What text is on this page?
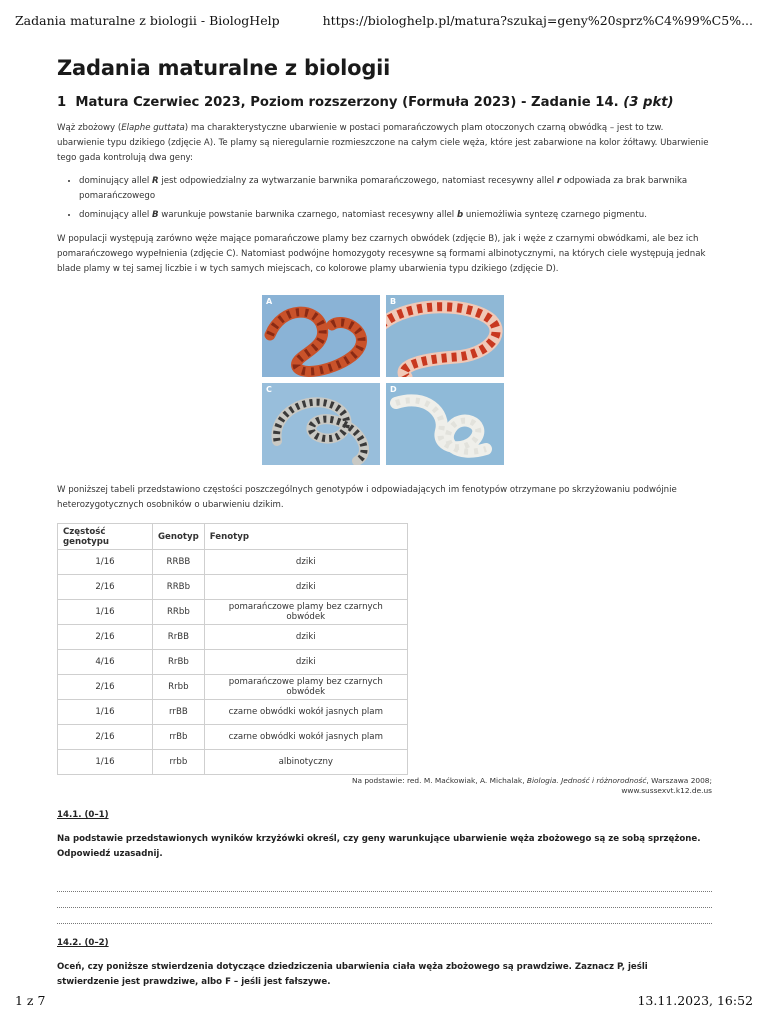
Zadania maturalne z biologii - BiologHelp	https://biologhelp.pl/matura?szukaj=geny%20sprz%C4%99%C5%...
Zadania maturalne z biologii
1 Matura Czerwiec 2023, Poziom rozszerzony (Formuła 2023) - Zadanie 14. (3 pkt)

Wąż zbożowy (Elaphe guttata) ma charakterystyczne ubarwienie w postaci pomarańczowych plam otoczonych czarną obwódką – jest to tzw. ubarwienie typu dzikiego (zdjęcie A). Te plamy są nieregularnie rozmieszczone na całym ciele węża, które jest zabarwione na kolor żółtawy. Ubarwienie tego gada kontrolują dwa geny:

• dominujący allel R jest odpowiedzialny za wytwarzanie barwnika pomarańczowego, natomiast recesywny allel r odpowiada za brak barwnika pomarańczowego
• dominujący allel B warunkuje powstanie barwnika czarnego, natomiast recesywny allel b uniemożliwia syntezę czarnego pigmentu.

W populacji występują zarówno węże mające pomarańczowe plamy bez czarnych obwódek (zdjęcie B), jak i węże z czarnymi obwódkami, ale bez ich pomarańczowego wypełnienia (zdjęcie C). Natomiast podwójne homozygoty recesywne są formami albinotycznymi, na których ciele występują jednak blade plamy w tej samej liczbie i w tych samych miejscach, co kolorowe plamy ubarwienia typu dzikiego (zdjęcie D).

A	B
C	D

W poniższej tabeli przedstawiono częstości poszczególnych genotypów i odpowiadających im fenotypów otrzymane po skrzyżowaniu podwójnie heterozygotycznych osobników o ubarwieniu dzikim.

Częstość genotypu	Genotyp	Fenotyp
1/16	RRBB	dziki
2/16	RRBb	dziki
1/16	RRbb	pomarańczowe plamy bez czarnych obwódek
2/16	RrBB	dziki
4/16	RrBb	dziki
2/16	Rrbb	pomarańczowe plamy bez czarnych obwódek
1/16	rrBB	czarne obwódki wokół jasnych plam
2/16	rrBb	czarne obwódki wokół jasnych plam
1/16	rrbb	albinotyczny
Na podstawie: red. M. Maćkowiak, A. Michalak, Biologia. Jedność i różnorodność, Warszawa 2008;
www.sussexvt.k12.de.us
14.1. (0–1)

Na podstawie przedstawionych wyników krzyżówki określ, czy geny warunkujące ubarwienie węża zbożowego są ze sobą sprzężone. Odpowiedź uzasadnij.

14.2. (0–2)

Oceń, czy poniższe stwierdzenia dotyczące dziedziczenia ubarwienia ciała węża zbożowego są prawdziwe. Zaznacz P, jeśli stwierdzenie jest prawdziwe, albo F – jeśli jest fałszywe.

1 z 7	13.11.2023, 16:52
